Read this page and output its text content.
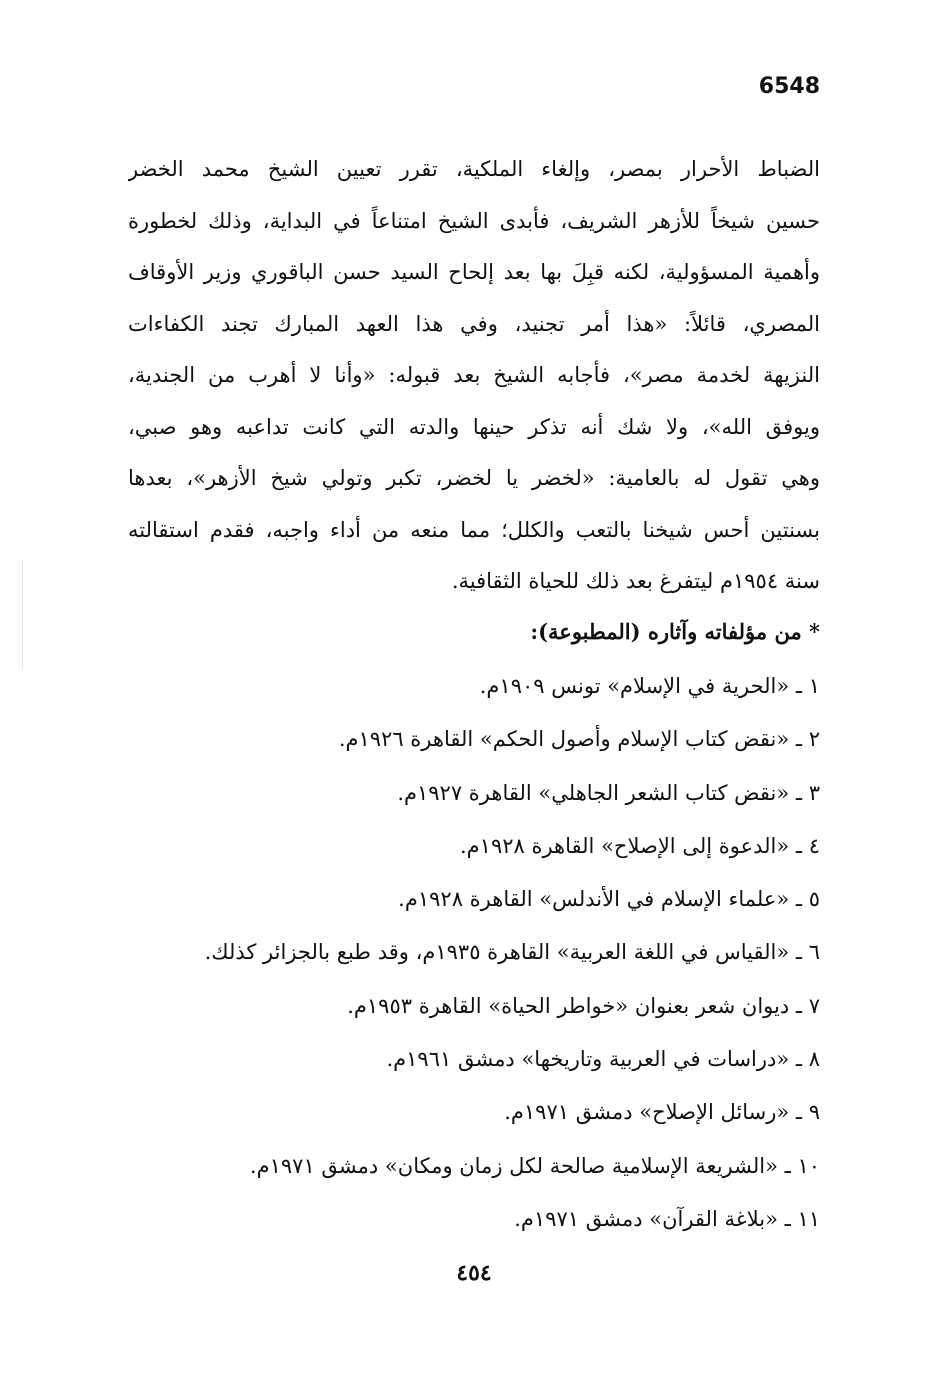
6548
الضباط الأحرار بمصر، وإلغاء الملكية، تقرر تعيين الشيخ محمد الخضر
حسين شيخاً للأزهر الشريف، فأبدى الشيخ امتناعاً في البداية، وذلك لخطورة
وأهمية المسؤولية، لكنه قبِلَ بها بعد إلحاح السيد حسن الباقوري وزير الأوقاف
المصري، قائلاً: «هذا أمر تجنيد، وفي هذا العهد المبارك تجند الكفاءات
النزيهة لخدمة مصر»، فأجابه الشيخ بعد قبوله: «وأنا لا أهرب من الجندية،
ويوفق الله»، ولا شك أنه تذكر حينها والدته التي كانت تداعبه وهو صبي،
وهي تقول له بالعامية: «لخضر يا لخضر، تكبر وتولي شيخ الأزهر»، بعدها
بسنتين أحس شيخنا بالتعب والكلل؛ مما منعه من أداء واجبه، فقدم استقالته
سنة ١٩٥٤م ليتفرغ بعد ذلك للحياة الثقافية.
* من مؤلفاته وآثاره (المطبوعة):
١ ـ «الحرية في الإسلام» تونس ١٩٠٩م.
٢ ـ «نقض كتاب الإسلام وأصول الحكم» القاهرة ١٩٢٦م.
٣ ـ «نقض كتاب الشعر الجاهلي» القاهرة ١٩٢٧م.
٤ ـ «الدعوة إلى الإصلاح» القاهرة ١٩٢٨م.
٥ ـ «علماء الإسلام في الأندلس» القاهرة ١٩٢٨م.
٦ ـ «القياس في اللغة العربية» القاهرة ١٩٣٥م، وقد طبع بالجزائر كذلك.
٧ ـ ديوان شعر بعنوان «خواطر الحياة» القاهرة ١٩٥٣م.
٨ ـ «دراسات في العربية وتاريخها» دمشق ١٩٦١م.
٩ ـ «رسائل الإصلاح» دمشق ١٩٧١م.
١٠ ـ «الشريعة الإسلامية صالحة لكل زمان ومكان» دمشق ١٩٧١م.
١١ ـ «بلاغة القرآن» دمشق ١٩٧١م.
٤٥٤
